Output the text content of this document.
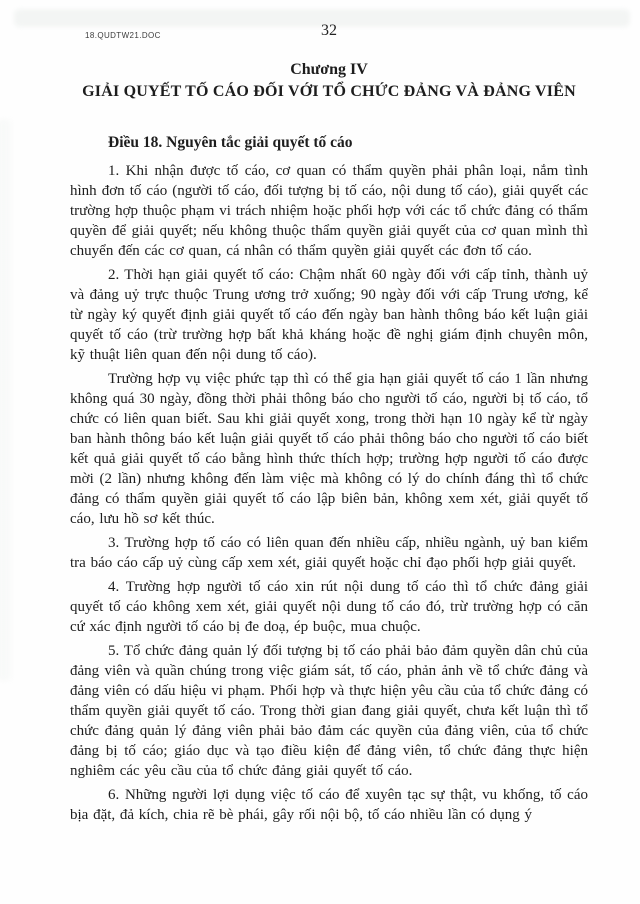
18.QUDTW21.DOC	32
Chương IV
GIẢI QUYẾT TỐ CÁO ĐỐI VỚI TỔ CHỨC ĐẢNG VÀ ĐẢNG VIÊN
Điều 18. Nguyên tắc giải quyết tố cáo

1. Khi nhận được tố cáo, cơ quan có thẩm quyền phải phân loại, nắm tình hình đơn tố cáo (người tố cáo, đối tượng bị tố cáo, nội dung tố cáo), giải quyết các trường hợp thuộc phạm vi trách nhiệm hoặc phối hợp với các tổ chức đảng có thẩm quyền để giải quyết; nếu không thuộc thẩm quyền giải quyết của cơ quan mình thì chuyển đến các cơ quan, cá nhân có thẩm quyền giải quyết các đơn tố cáo.

2. Thời hạn giải quyết tố cáo: Chậm nhất 60 ngày đối với cấp tỉnh, thành uỷ và đảng uỷ trực thuộc Trung ương trở xuống; 90 ngày đối với cấp Trung ương, kể từ ngày ký quyết định giải quyết tố cáo đến ngày ban hành thông báo kết luận giải quyết tố cáo (trừ trường hợp bất khả kháng hoặc đề nghị giám định chuyên môn, kỹ thuật liên quan đến nội dung tố cáo).

Trường hợp vụ việc phức tạp thì có thể gia hạn giải quyết tố cáo 1 lần nhưng không quá 30 ngày, đồng thời phải thông báo cho người tố cáo, người bị tố cáo, tổ chức có liên quan biết. Sau khi giải quyết xong, trong thời hạn 10 ngày kể từ ngày ban hành thông báo kết luận giải quyết tố cáo phải thông báo cho người tố cáo biết kết quả giải quyết tố cáo bằng hình thức thích hợp; trường hợp người tố cáo được mời (2 lần) nhưng không đến làm việc mà không có lý do chính đáng thì tổ chức đảng có thẩm quyền giải quyết tố cáo lập biên bản, không xem xét, giải quyết tố cáo, lưu hồ sơ kết thúc.

3. Trường hợp tố cáo có liên quan đến nhiều cấp, nhiều ngành, uỷ ban kiểm tra báo cáo cấp uỷ cùng cấp xem xét, giải quyết hoặc chỉ đạo phối hợp giải quyết.

4. Trường hợp người tố cáo xin rút nội dung tố cáo thì tổ chức đảng giải quyết tố cáo không xem xét, giải quyết nội dung tố cáo đó, trừ trường hợp có căn cứ xác định người tố cáo bị đe doạ, ép buộc, mua chuộc.

5. Tổ chức đảng quản lý đối tượng bị tố cáo phải bảo đảm quyền dân chủ của đảng viên và quần chúng trong việc giám sát, tố cáo, phản ảnh về tổ chức đảng và đảng viên có dấu hiệu vi phạm. Phối hợp và thực hiện yêu cầu của tổ chức đảng có thẩm quyền giải quyết tố cáo. Trong thời gian đang giải quyết, chưa kết luận thì tổ chức đảng quản lý đảng viên phải bảo đảm các quyền của đảng viên, của tổ chức đảng bị tố cáo; giáo dục và tạo điều kiện để đảng viên, tổ chức đảng thực hiện nghiêm các yêu cầu của tổ chức đảng giải quyết tố cáo.

6. Những người lợi dụng việc tố cáo để xuyên tạc sự thật, vu khống, tố cáo bịa đặt, đả kích, chia rẽ bè phái, gây rối nội bộ, tố cáo nhiều lần có dụng ý
